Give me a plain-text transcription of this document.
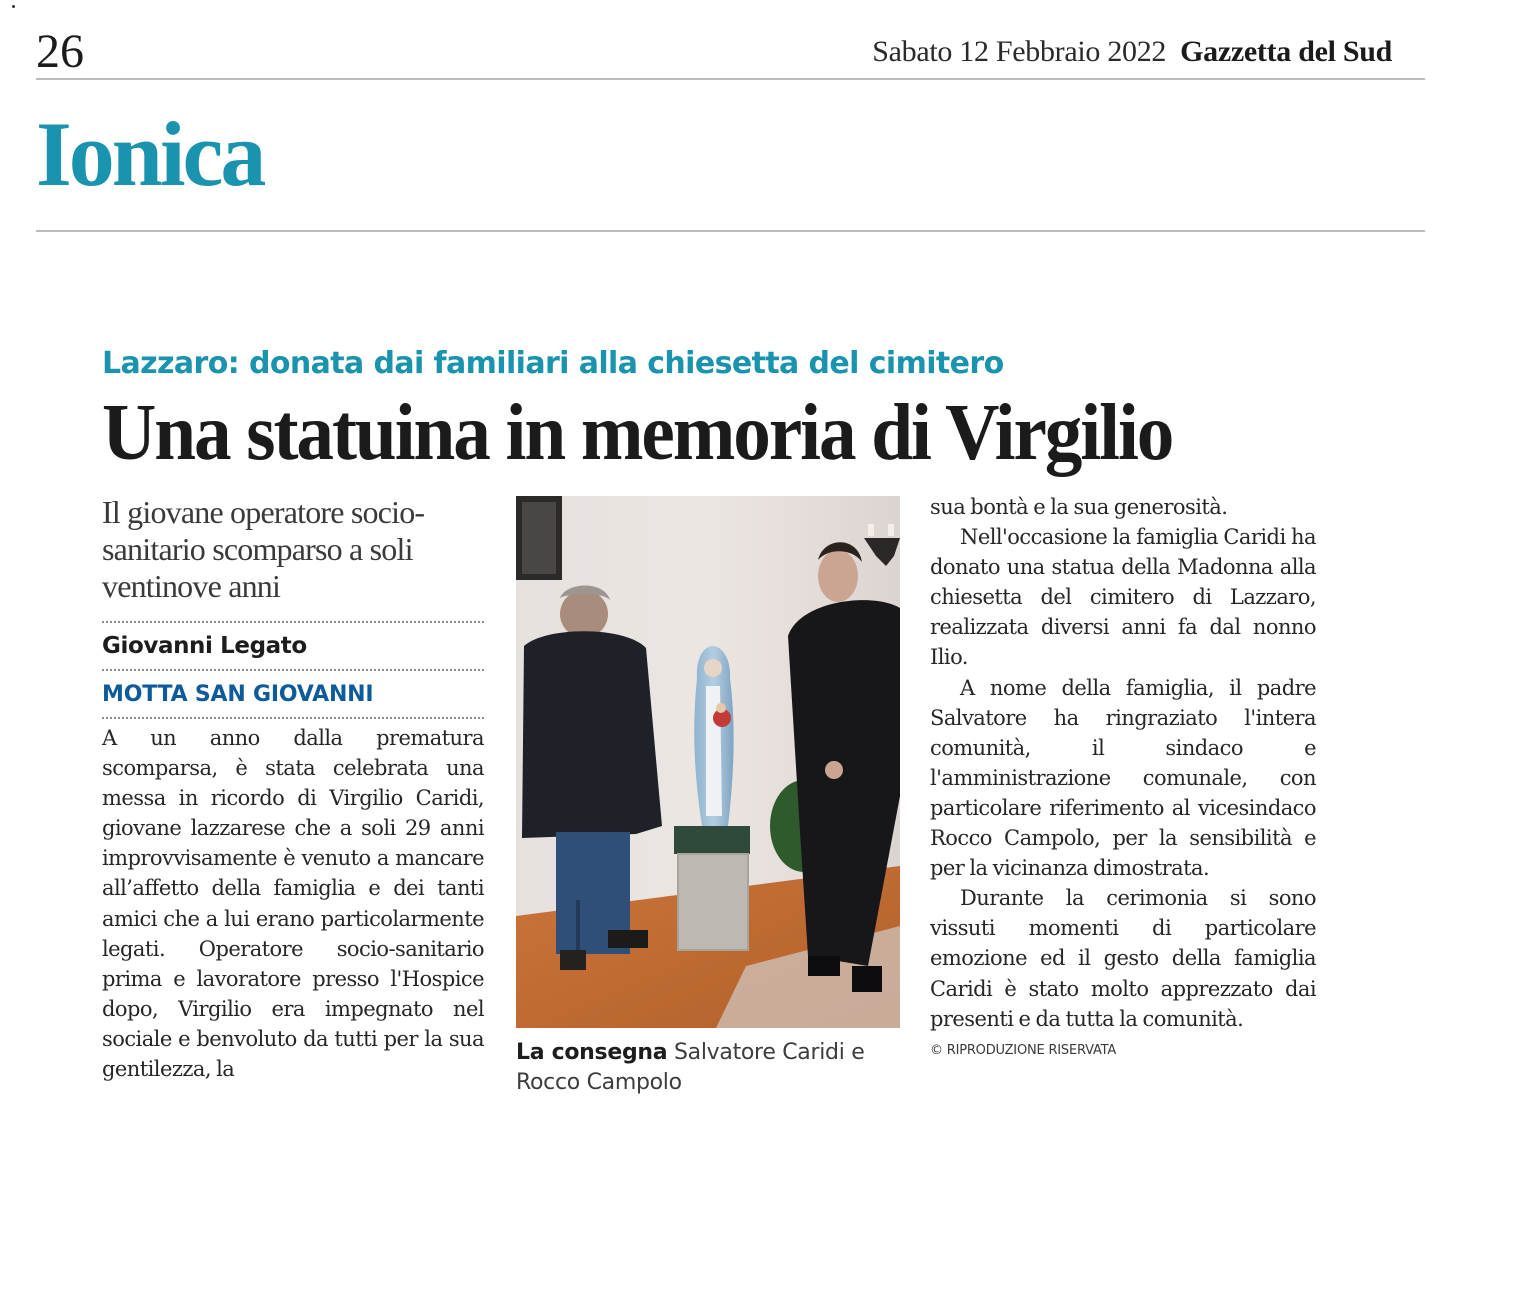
26	Sabato 12 Febbraio 2022 Gazzetta del Sud
Ionica
Lazzaro: donata dai familiari alla chiesetta del cimitero
Una statuina in memoria di Virgilio
Il giovane operatore socio-sanitario scomparso a soli ventinove anni
Giovanni Legato
MOTTA SAN GIOVANNI

A un anno dalla prematura scomparsa, è stata celebrata una messa in ricordo di Virgilio Caridi, giovane lazzarese che a soli 29 anni improvvisamente è venuto a mancare all’affetto della famiglia e dei tanti amici che a lui erano particolarmente legati. Operatore socio-sanitario prima e lavoratore presso l'Hospice dopo, Virgilio era impegnato nel sociale e benvoluto da tutti per la sua gentilezza, la

La consegna Salvatore Caridi e Rocco Campolo

sua bontà e la sua generosità.

Nell'occasione la famiglia Caridi ha donato una statua della Madonna alla chiesetta del cimitero di Lazzaro, realizzata diversi anni fa dal nonno Ilio.

A nome della famiglia, il padre Salvatore ha ringraziato l'intera comunità, il sindaco e l'amministrazione comunale, con particolare riferimento al vicesindaco Rocco Campolo, per la sensibilità e per la vicinanza dimostrata.

Durante la cerimonia si sono vissuti momenti di particolare emozione ed il gesto della famiglia Caridi è stato molto apprezzato dai presenti e da tutta la comunità.

© RIPRODUZIONE RISERVATA
